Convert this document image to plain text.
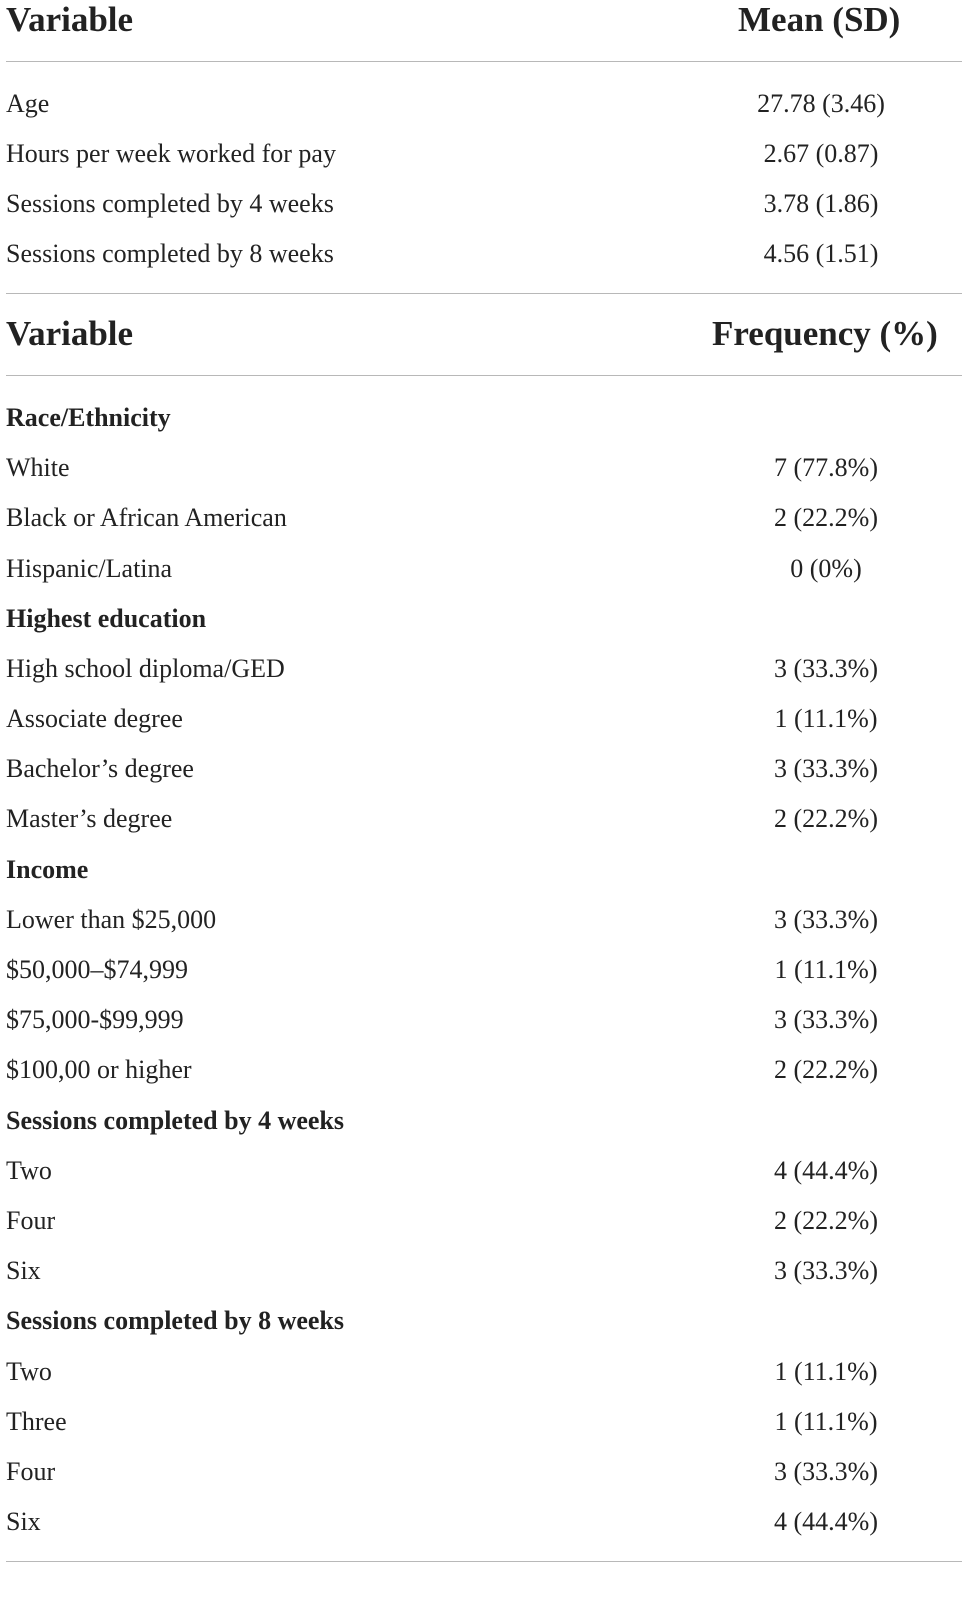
Variable	Mean (SD)
Age	27.78 (3.46)
Hours per week worked for pay	2.67 (0.87)
Sessions completed by 4 weeks	3.78 (1.86)
Sessions completed by 8 weeks	4.56 (1.51)
Variable	Frequency (%)
Race/Ethnicity
White	7 (77.8%)
Black or African American	2 (22.2%)
Hispanic/Latina	0 (0%)
Highest education
High school diploma/GED	3 (33.3%)
Associate degree	1 (11.1%)
Bachelor’s degree	3 (33.3%)
Master’s degree	2 (22.2%)
Income
Lower than $25,000	3 (33.3%)
$50,000–$74,999	1 (11.1%)
$75,000-$99,999	3 (33.3%)
$100,00 or higher	2 (22.2%)
Sessions completed by 4 weeks
Two	4 (44.4%)
Four	2 (22.2%)
Six	3 (33.3%)
Sessions completed by 8 weeks
Two	1 (11.1%)
Three	1 (11.1%)
Four	3 (33.3%)
Six	4 (44.4%)
